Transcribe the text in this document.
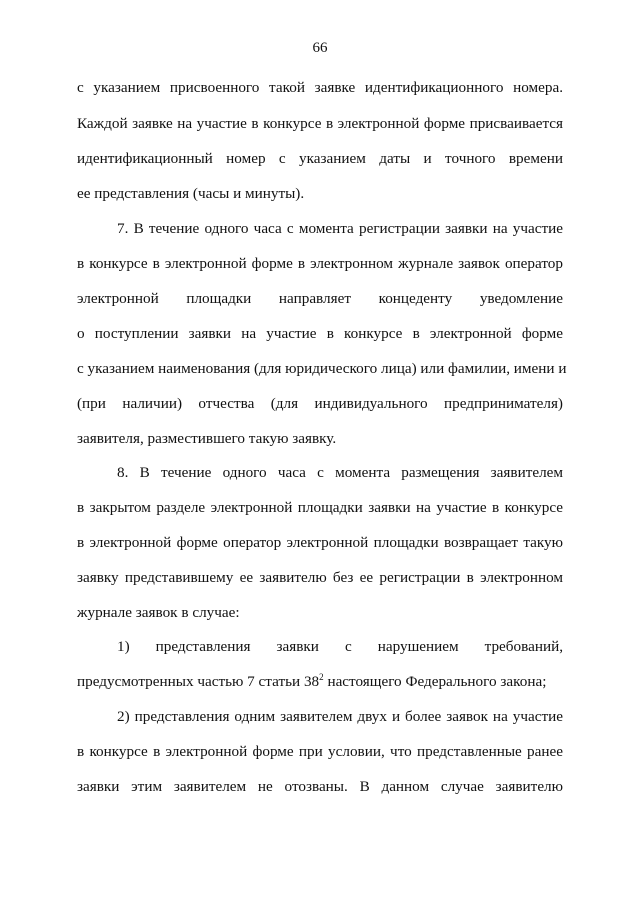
66
с указанием присвоенного такой заявке идентификационного номера.
Каждой заявке на участие в конкурсе в электронной форме присваивается
идентификационный номер с указанием даты и точного времени
ее представления (часы и минуты).
7. В течение одного часа с момента регистрации заявки на участие
в конкурсе в электронной форме в электронном журнале заявок оператор
электронной площадки направляет концеденту уведомление
о поступлении заявки на участие в конкурсе в электронной форме
с указанием наименования (для юридического лица) или фамилии, имени и
(при наличии) отчества (для индивидуального предпринимателя)
заявителя, разместившего такую заявку.
8. В течение одного часа с момента размещения заявителем
в закрытом разделе электронной площадки заявки на участие в конкурсе
в электронной форме оператор электронной площадки возвращает такую
заявку представившему ее заявителю без ее регистрации в электронном
журнале заявок в случае:
1) представления заявки с нарушением требований,
предусмотренных частью 7 статьи $38^2$ настоящего Федерального закона;
2) представления одним заявителем двух и более заявок на участие
в конкурсе в электронной форме при условии, что представленные ранее
заявки этим заявителем не отозваны. В данном случае заявителю
